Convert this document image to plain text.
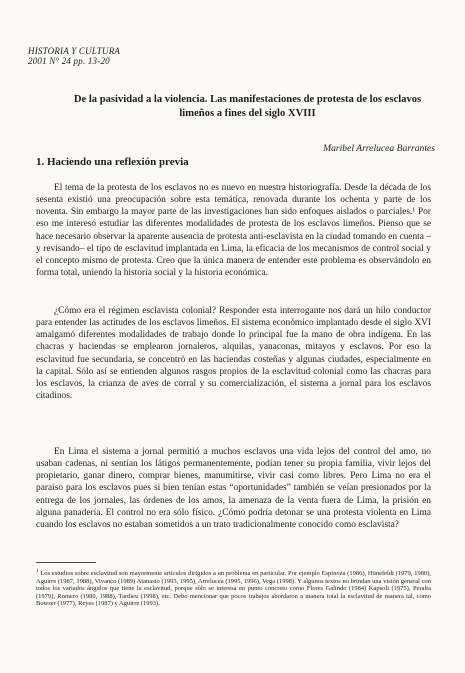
HISTORIA Y CULTURA
2001 N° 24 pp. 13-20
De la pasividad a la violencia. Las manifestaciones de protesta de los esclavos limeños a fines del siglo XVIII
Maribel Arrelucea Barrantes
1. Haciendo una reflexión previa

El tema de la protesta de los esclavos no es nuevo en nuestra historiografía. Desde la década de los sesenta existió una preocupación sobre esta temática, renovada durante los ochenta y parte de los noventa. Sin embargo la mayor parte de las investigaciones han sido enfoques aislados o parciales.¹ Por eso me interesó estudiar las diferentes modalidades de protesta de los esclavos limeños. Pienso que se hace necesario observar la aparente ausencia de protesta anti-esclavista en la ciudad tomando en cuenta –y revisando– el tipo de esclavitud implantada en Lima, la eficacia de los mecanismos de control social y el concepto mismo de protesta. Creo que la única manera de entender este problema es observándolo en forma total, uniendo la historia social y la historia económica.

¿Cómo era el régimen esclavista colonial? Responder esta interrogante nos dará un hilo conductor para entender las actitudes de los esclavos limeños. El sistema económico implantado desde el siglo XVI amalgamó diferentes modalidades de trabajo donde lo principal fue la mano de obra indígena. En las chacras y haciendas se emplearon jornaleros, alquilas, yanaconas, mitayos y esclavos. Por eso la esclavitud fue secundaria, se concentró en las haciendas costeñas y algunas ciudades, especialmente en la capital. Sólo así se entienden algunos rasgos propios de la esclavitud colonial como las chacras para los esclavos, la crianza de aves de corral y su comercialización, el sistema a jornal para los esclavos citadinos.

En Lima el sistema a jornal permitió a muchos esclavos una vida lejos del control del amo, no usaban cadenas, ni sentían los látigos permanentemente, podían tener su propia familia, vivir lejos del propietario, ganar dinero, comprar bienes, manumitirse, vivir casi como libres. Pero Lima no era el paraíso para los esclavos pues si bien tenían estas “oportunidades” también se veían presionados por la entrega de los jornales, las órdenes de los amos, la amenaza de la venta fuera de Lima, la prisión en alguna panadería. El control no era sólo físico. ¿Cómo podría detonar se una protesta violenta en Lima cuando los esclavos no estaban sometidos a un trato tradicionalmente conocido como esclavista?

$^1$ Los estudios sobre esclavitud son mayormente artículos dirigidos a un problema en particular. Por ejemplo Espinoza (1986), Hünefeldt (1979, 1980), Aguirre (1987, 1988), Vivanco (1989) Atanasio (1993, 1995), Arrelucea (1995, 1996), Vega (1998). Y algunos textos no brindan una visión general con todos los variados ángulos que tiene la esclavitud, porque sólo se interesa en punto concreto como Flores Galindo (1984) Kapsoli (1975), Peralta (1979), Romero (1980, 1988), Tardieu (1998), etc. Debo mencionar que pocos trabajos abordaron a manera total la esclavitud de manera tal, como Bowser (1977), Reyes (1987) y Aguirre (1993).
